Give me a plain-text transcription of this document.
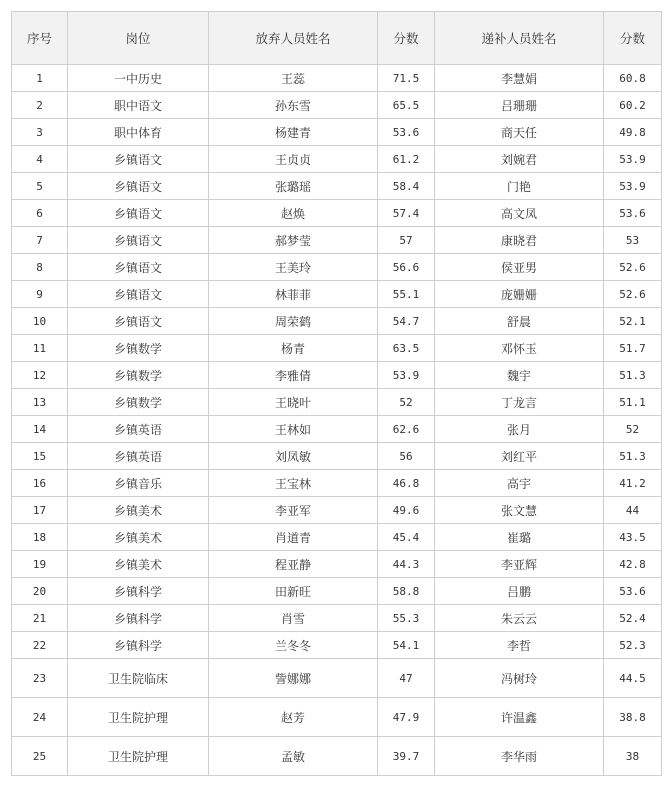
序号	岗位	放弃人员姓名	分数	递补人员姓名	分数
1	一中历史	王蕊	71.5	李慧娟	60.8
2	职中语文	孙东雪	65.5	吕珊珊	60.2
3	职中体育	杨建青	53.6	商天任	49.8
4	乡镇语文	王贞贞	61.2	刘婉君	53.9
5	乡镇语文	张璐瑶	58.4	门艳	53.9
6	乡镇语文	赵焕	57.4	高文凤	53.6
7	乡镇语文	郝梦莹	57	康晓君	53
8	乡镇语文	王美玲	56.6	侯亚男	52.6
9	乡镇语文	林菲菲	55.1	庞姗姗	52.6
10	乡镇语文	周荣鹤	54.7	舒晨	52.1
11	乡镇数学	杨青	63.5	邓怀玉	51.7
12	乡镇数学	李雅倩	53.9	魏宇	51.3
13	乡镇数学	王晓叶	52	丁龙言	51.1
14	乡镇英语	王林如	62.6	张月	52
15	乡镇英语	刘凤敏	56	刘红平	51.3
16	乡镇音乐	王宝林	46.8	高宇	41.2
17	乡镇美术	李亚军	49.6	张文慧	44
18	乡镇美术	肖道青	45.4	崔璐	43.5
19	乡镇美术	程亚静	44.3	李亚辉	42.8
20	乡镇科学	田新旺	58.8	吕鹏	53.6
21	乡镇科学	肖雪	55.3	朱云云	52.4
22	乡镇科学	兰冬冬	54.1	李哲	52.3
23	卫生院临床	訾娜娜	47	冯树玲	44.5
24	卫生院护理	赵芳	47.9	许温鑫	38.8
25	卫生院护理	孟敏	39.7	李华雨	38
